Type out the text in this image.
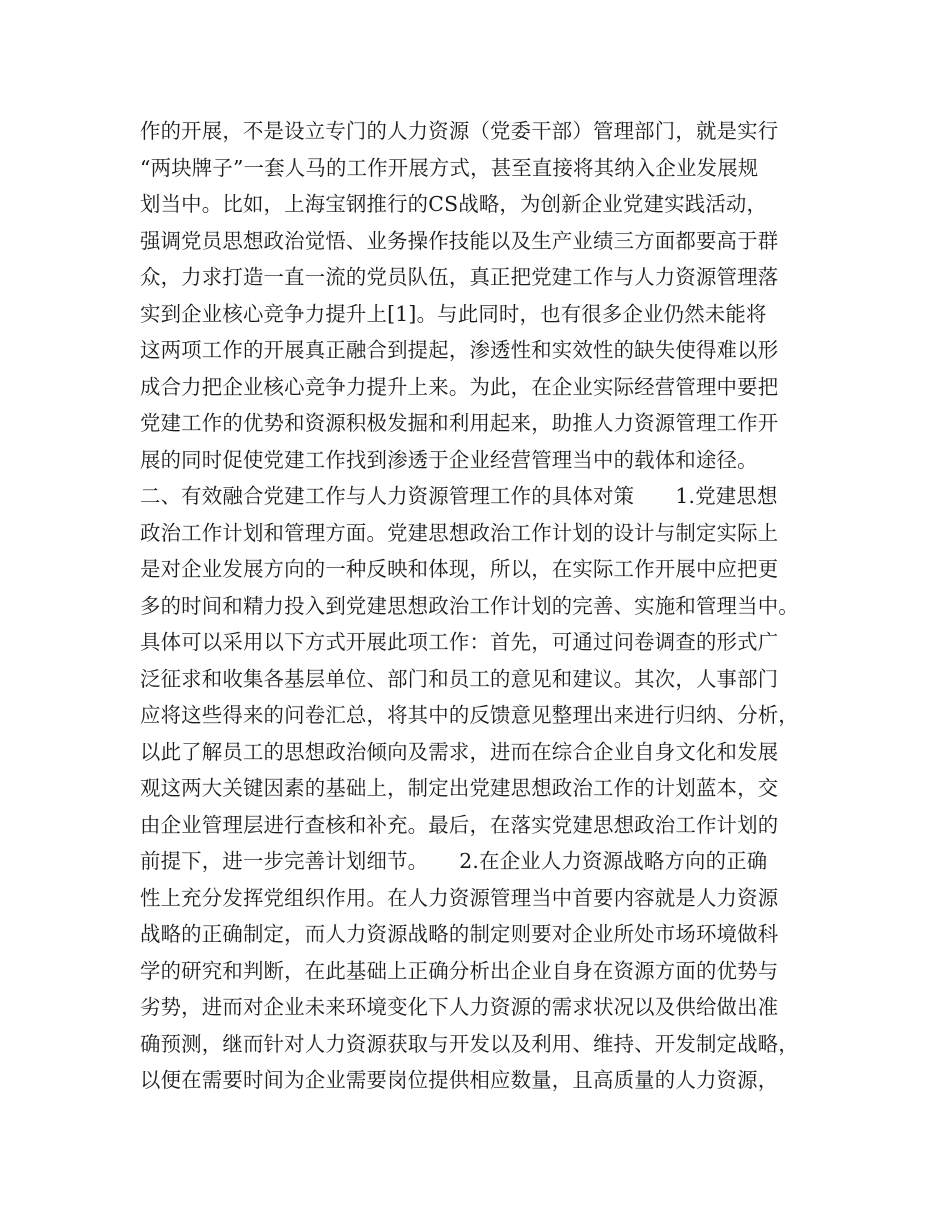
作的开展，不是设立专门的人力资源（党委干部）管理部门，就是实行
“两块牌子”一套人马的工作开展方式，甚至直接将其纳入企业发展规
划当中。比如，上海宝钢推行的CS战略，为创新企业党建实践活动，
强调党员思想政治觉悟、业务操作技能以及生产业绩三方面都要高于群
众，力求打造一直一流的党员队伍，真正把党建工作与人力资源管理落
实到企业核心竞争力提升上[1]。与此同时，也有很多企业仍然未能将
这两项工作的开展真正融合到提起，渗透性和实效性的缺失使得难以形
成合力把企业核心竞争力提升上来。为此，在企业实际经营管理中要把
党建工作的优势和资源积极发掘和利用起来，助推人力资源管理工作开
展的同时促使党建工作找到渗透于企业经营管理当中的载体和途径。
二、有效融合党建工作与人力资源管理工作的具体对策　　1.党建思想
政治工作计划和管理方面。党建思想政治工作计划的设计与制定实际上
是对企业发展方向的一种反映和体现，所以，在实际工作开展中应把更
多的时间和精力投入到党建思想政治工作计划的完善、实施和管理当中。
具体可以采用以下方式开展此项工作：首先，可通过问卷调查的形式广
泛征求和收集各基层单位、部门和员工的意见和建议。其次，人事部门
应将这些得来的问卷汇总，将其中的反馈意见整理出来进行归纳、分析，
以此了解员工的思想政治倾向及需求，进而在综合企业自身文化和发展
观这两大关键因素的基础上，制定出党建思想政治工作的计划蓝本，交
由企业管理层进行查核和补充。最后，在落实党建思想政治工作计划的
前提下，进一步完善计划细节。　　2.在企业人力资源战略方向的正确
性上充分发挥党组织作用。在人力资源管理当中首要内容就是人力资源
战略的正确制定，而人力资源战略的制定则要对企业所处市场环境做科
学的研究和判断，在此基础上正确分析出企业自身在资源方面的优势与
劣势，进而对企业未来环境变化下人力资源的需求状况以及供给做出准
确预测，继而针对人力资源获取与开发以及利用、维持、开发制定战略，
以便在需要时间为企业需要岗位提供相应数量，且高质量的人力资源，
